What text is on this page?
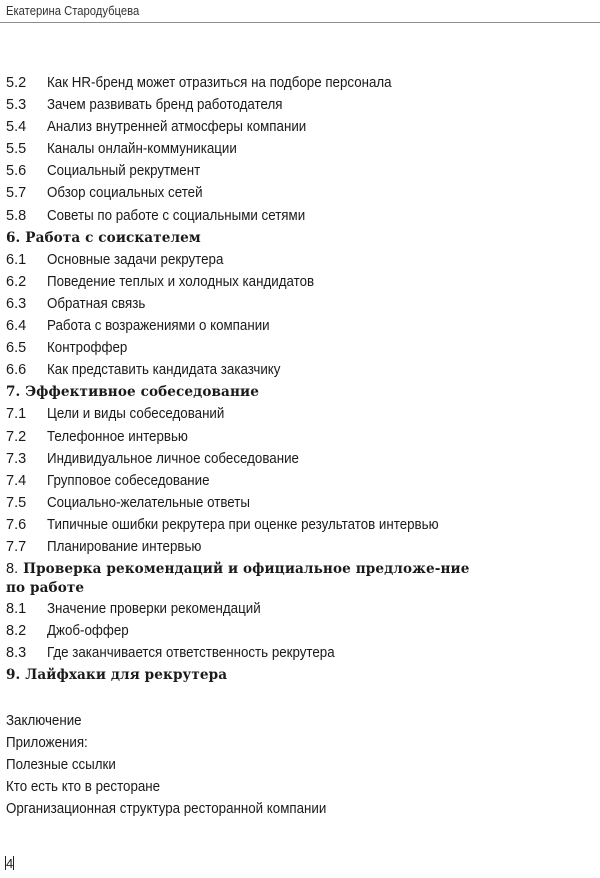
Екатерина Стародубцева
5.2	Как HR-бренд может отразиться на подборе персонала
5.3	Зачем развивать бренд работодателя
5.4	Анализ внутренней атмосферы компании
5.5	Каналы онлайн-коммуникации
5.6	Социальный рекрутмент
5.7	Обзор социальных сетей
5.8	Советы по работе с социальными сетями
6. Работа с соискателем
6.1	Основные задачи рекрутера
6.2	Поведение теплых и холодных кандидатов
6.3	Обратная связь
6.4	Работа с возражениями о компании
6.5	Контроффер
6.6	Как представить кандидата заказчику
7. Эффективное собеседование
7.1	Цели и виды собеседований
7.2	Телефонное интервью
7.3	Индивидуальное личное собеседование
7.4	Групповое собеседование
7.5	Социально-желательные ответы
7.6	Типичные ошибки рекрутера при оценке результатов интервью
7.7	Планирование интервью
8. Проверка рекомендаций и официальное предложе-ние по работе
8.1	Значение проверки рекомендаций
8.2	Джоб-оффер
8.3	Где заканчивается ответственность рекрутера
9. Лайфхаки для рекрутера
Заключение
Приложения:
Полезные ссылки
Кто есть кто в ресторане
Организационная структура ресторанной компании
4
